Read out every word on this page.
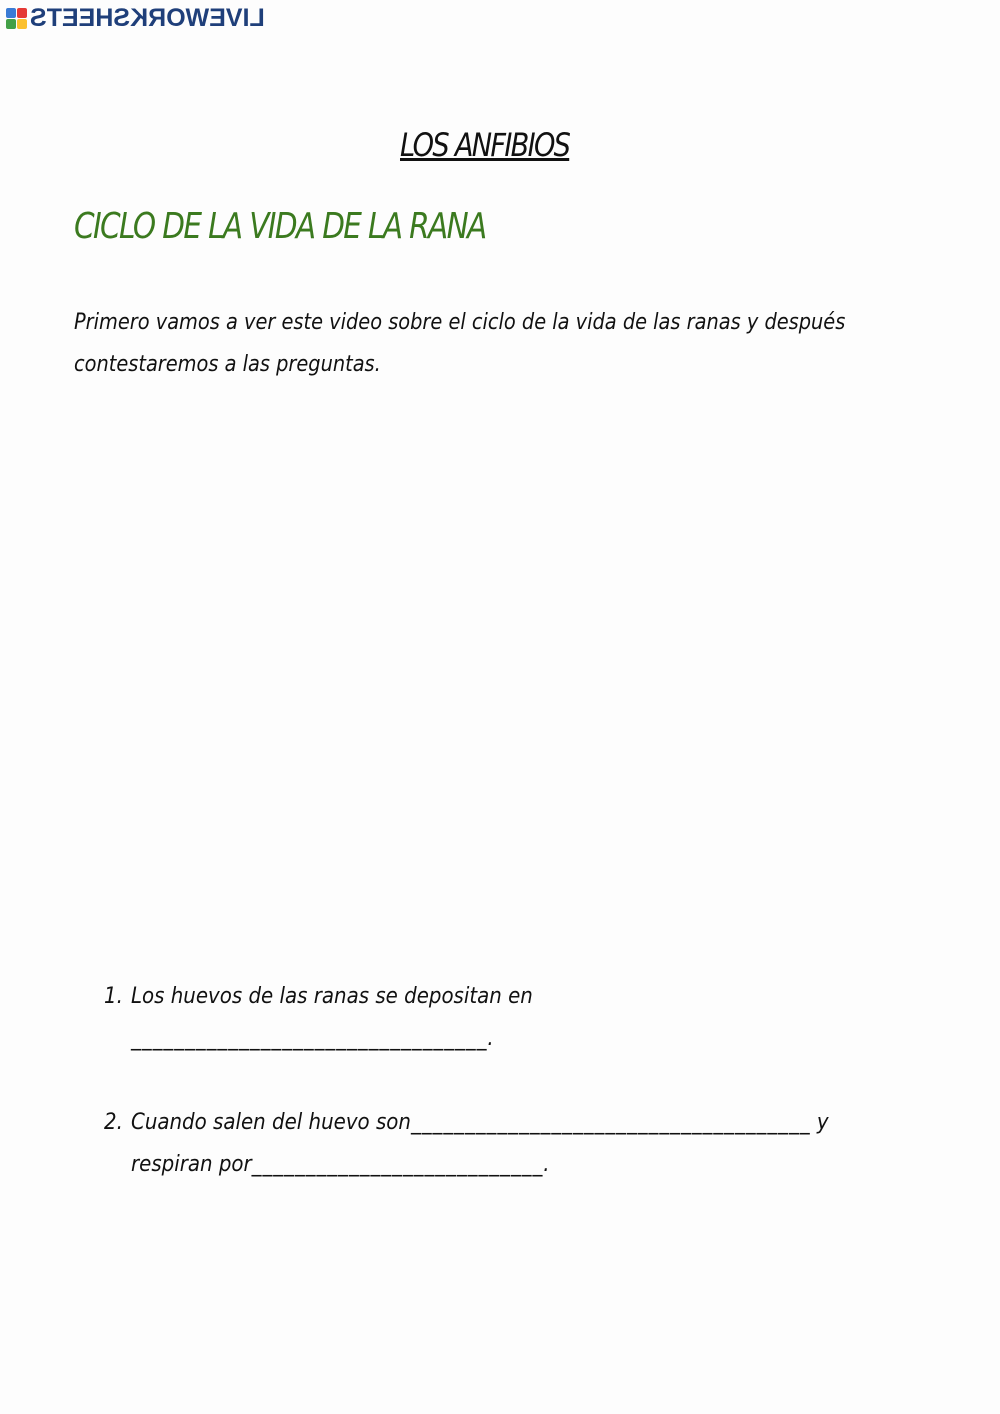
LIVEWORKSHEETS
LOS ANFIBIOS
CICLO DE LA VIDA DE LA RANA
Primero vamos a ver este video sobre el ciclo de la vida de las ranas y después
contestaremos a las preguntas.
1. Los huevos de las ranas se depositan en
_________________________________.
2. Cuando salen del huevo son_____________________________________ y
respiran por___________________________.
